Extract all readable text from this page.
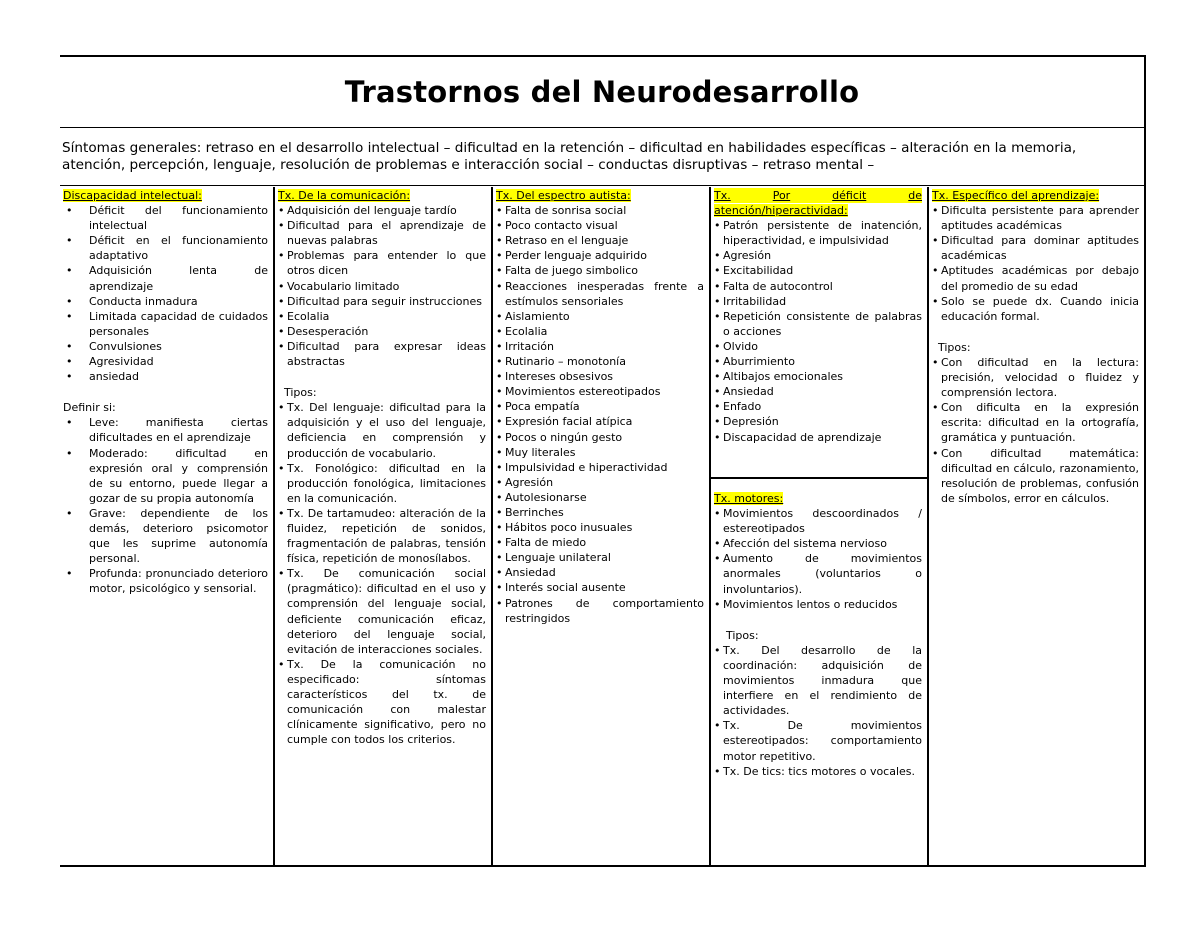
Trastornos del Neurodesarrollo
Síntomas generales: retraso en el desarrollo intelectual – dificultad en la retención – dificultad en habilidades específicas – alteración en la memoria, atención, percepción, lenguaje, resolución de problemas e interacción social – conductas disruptivas – retraso mental –
Discapacidad intelectual:
• Déficit del funcionamiento intelectual
• Déficit en el funcionamiento adaptativo
• Adquisición lenta de aprendizaje
• Conducta inmadura
• Limitada capacidad de cuidados personales
• Convulsiones
• Agresividad
• ansiedad
Definir si:
• Leve: manifiesta ciertas dificultades en el aprendizaje
• Moderado: dificultad en expresión oral y comprensión de su entorno, puede llegar a gozar de su propia autonomía
• Grave: dependiente de los demás, deterioro psicomotor que les suprime autonomía personal.
• Profunda: pronunciado deterioro motor, psicológico y sensorial.
Tx. De la comunicación:
• Adquisición del lenguaje tardío
• Dificultad para el aprendizaje de nuevas palabras
• Problemas para entender lo que otros dicen
• Vocabulario limitado
• Dificultad para seguir instrucciones
• Ecolalia
• Desesperación
• Dificultad para expresar ideas abstractas
Tipos:
• Tx. Del lenguaje: dificultad para la adquisición y el uso del lenguaje, deficiencia en comprensión y producción de vocabulario.
• Tx. Fonológico: dificultad en la producción fonológica, limitaciones en la comunicación.
• Tx. De tartamudeo: alteración de la fluidez, repetición de sonidos, fragmentación de palabras, tensión física, repetición de monosílabos.
• Tx. De comunicación social (pragmático): dificultad en el uso y comprensión del lenguaje social, deficiente comunicación eficaz, deterioro del lenguaje social, evitación de interacciones sociales.
• Tx. De la comunicación no especificado: síntomas característicos del tx. de comunicación con malestar clínicamente significativo, pero no cumple con todos los criterios.
Tx. Del espectro autista:
• Falta de sonrisa social
• Poco contacto visual
• Retraso en el lenguaje
• Perder lenguaje adquirido
• Falta de juego simbolico
• Reacciones inesperadas frente a estímulos sensoriales
• Aislamiento
• Ecolalia
• Irritación
• Rutinario – monotonía
• Intereses obsesivos
• Movimientos estereotipados
• Poca empatía
• Expresión facial atípica
• Pocos o ningún gesto
• Muy literales
• Impulsividad e hiperactividad
• Agresión
• Autolesionarse
• Berrinches
• Hábitos poco inusuales
• Falta de miedo
• Lenguaje unilateral
• Ansiedad
• Interés social ausente
• Patrones de comportamiento restringidos
Tx.	Por	déficit	de
atención/hiperactividad:
• Patrón persistente de inatención, hiperactividad, e impulsividad
• Agresión
• Excitabilidad
• Falta de autocontrol
• Irritabilidad
• Repetición consistente de palabras o acciones
• Olvido
• Aburrimiento
• Altibajos emocionales
• Ansiedad
• Enfado
• Depresión
• Discapacidad de aprendizaje
Tx. motores:
• Movimientos descoordinados / estereotipados
• Afección del sistema nervioso
• Aumento de movimientos anormales (voluntarios o involuntarios).
• Movimientos lentos o reducidos
Tipos:
• Tx. Del desarrollo de la coordinación: adquisición de movimientos inmadura que interfiere en el rendimiento de actividades.
• Tx. De movimientos estereotipados: comportamiento motor repetitivo.
• Tx. De tics: tics motores o vocales.
Tx. Específico del aprendizaje:
• Dificulta persistente para aprender aptitudes académicas
• Dificultad para dominar aptitudes académicas
• Aptitudes académicas por debajo del promedio de su edad
• Solo se puede dx. Cuando inicia educación formal.
Tipos:
• Con dificultad en la lectura: precisión, velocidad o fluidez y comprensión lectora.
• Con dificulta en la expresión escrita: dificultad en la ortografía, gramática y puntuación.
• Con dificultad matemática: dificultad en cálculo, razonamiento, resolución de problemas, confusión de símbolos, error en cálculos.
